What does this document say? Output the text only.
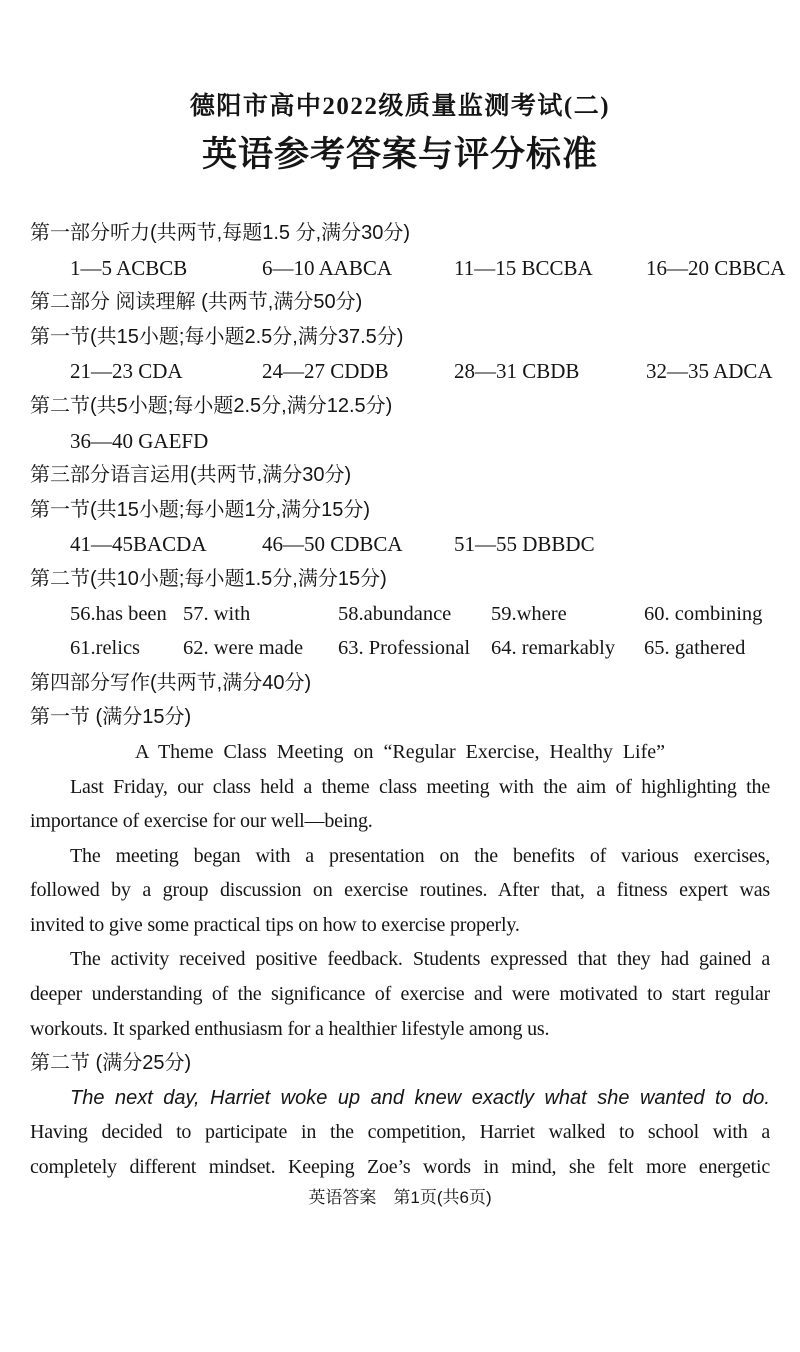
德阳市高中2022级质量监测考试(二)
英语参考答案与评分标准
第一部分听力(共两节,每题1.5 分,满分30分)
1—5 ACBCB	6—10 AABCA	11—15 BCCBA	16—20 CBBCA
第二部分 阅读理解 (共两节,满分50分)
第一节(共15小题;每小题2.5分,满分37.5分)
21—23 CDA	24—27 CDDB	28—31 CBDB	32—35 ADCA
第二节(共5小题;每小题2.5分,满分12.5分)
36—40 GAEFD
第三部分语言运用(共两节,满分30分)
第一节(共15小题;每小题1分,满分15分)
41—45BACDA	46—50 CDBCA	51—55 DBBDC
第二节(共10小题;每小题1.5分,满分15分)
56.has been 57. with	58.abundance	59.where	60. combining
61.relics	62. were made	63. Professional	64. remarkably	65. gathered
第四部分写作(共两节,满分40分)
第一节 (满分15分)
A Theme Class Meeting on “Regular Exercise, Healthy Life”
Last Friday, our class held a theme class meeting with the aim of highlighting the
importance of exercise for our well—being.
The meeting began with a presentation on the benefits of various exercises,
followed by a group discussion on exercise routines. After that, a fitness expert was
invited to give some practical tips on how to exercise properly.
The activity received positive feedback. Students expressed that they had gained a
deeper understanding of the significance of exercise and were motivated to start regular
workouts. It sparked enthusiasm for a healthier lifestyle among us.
第二节 (满分25分)
The next day, Harriet woke up and knew exactly what she wanted to do.
Having decided to participate in the competition, Harriet walked to school with a
completely different mindset. Keeping Zoe’s words in mind, she felt more energetic
英语答案　第1页(共6页)
